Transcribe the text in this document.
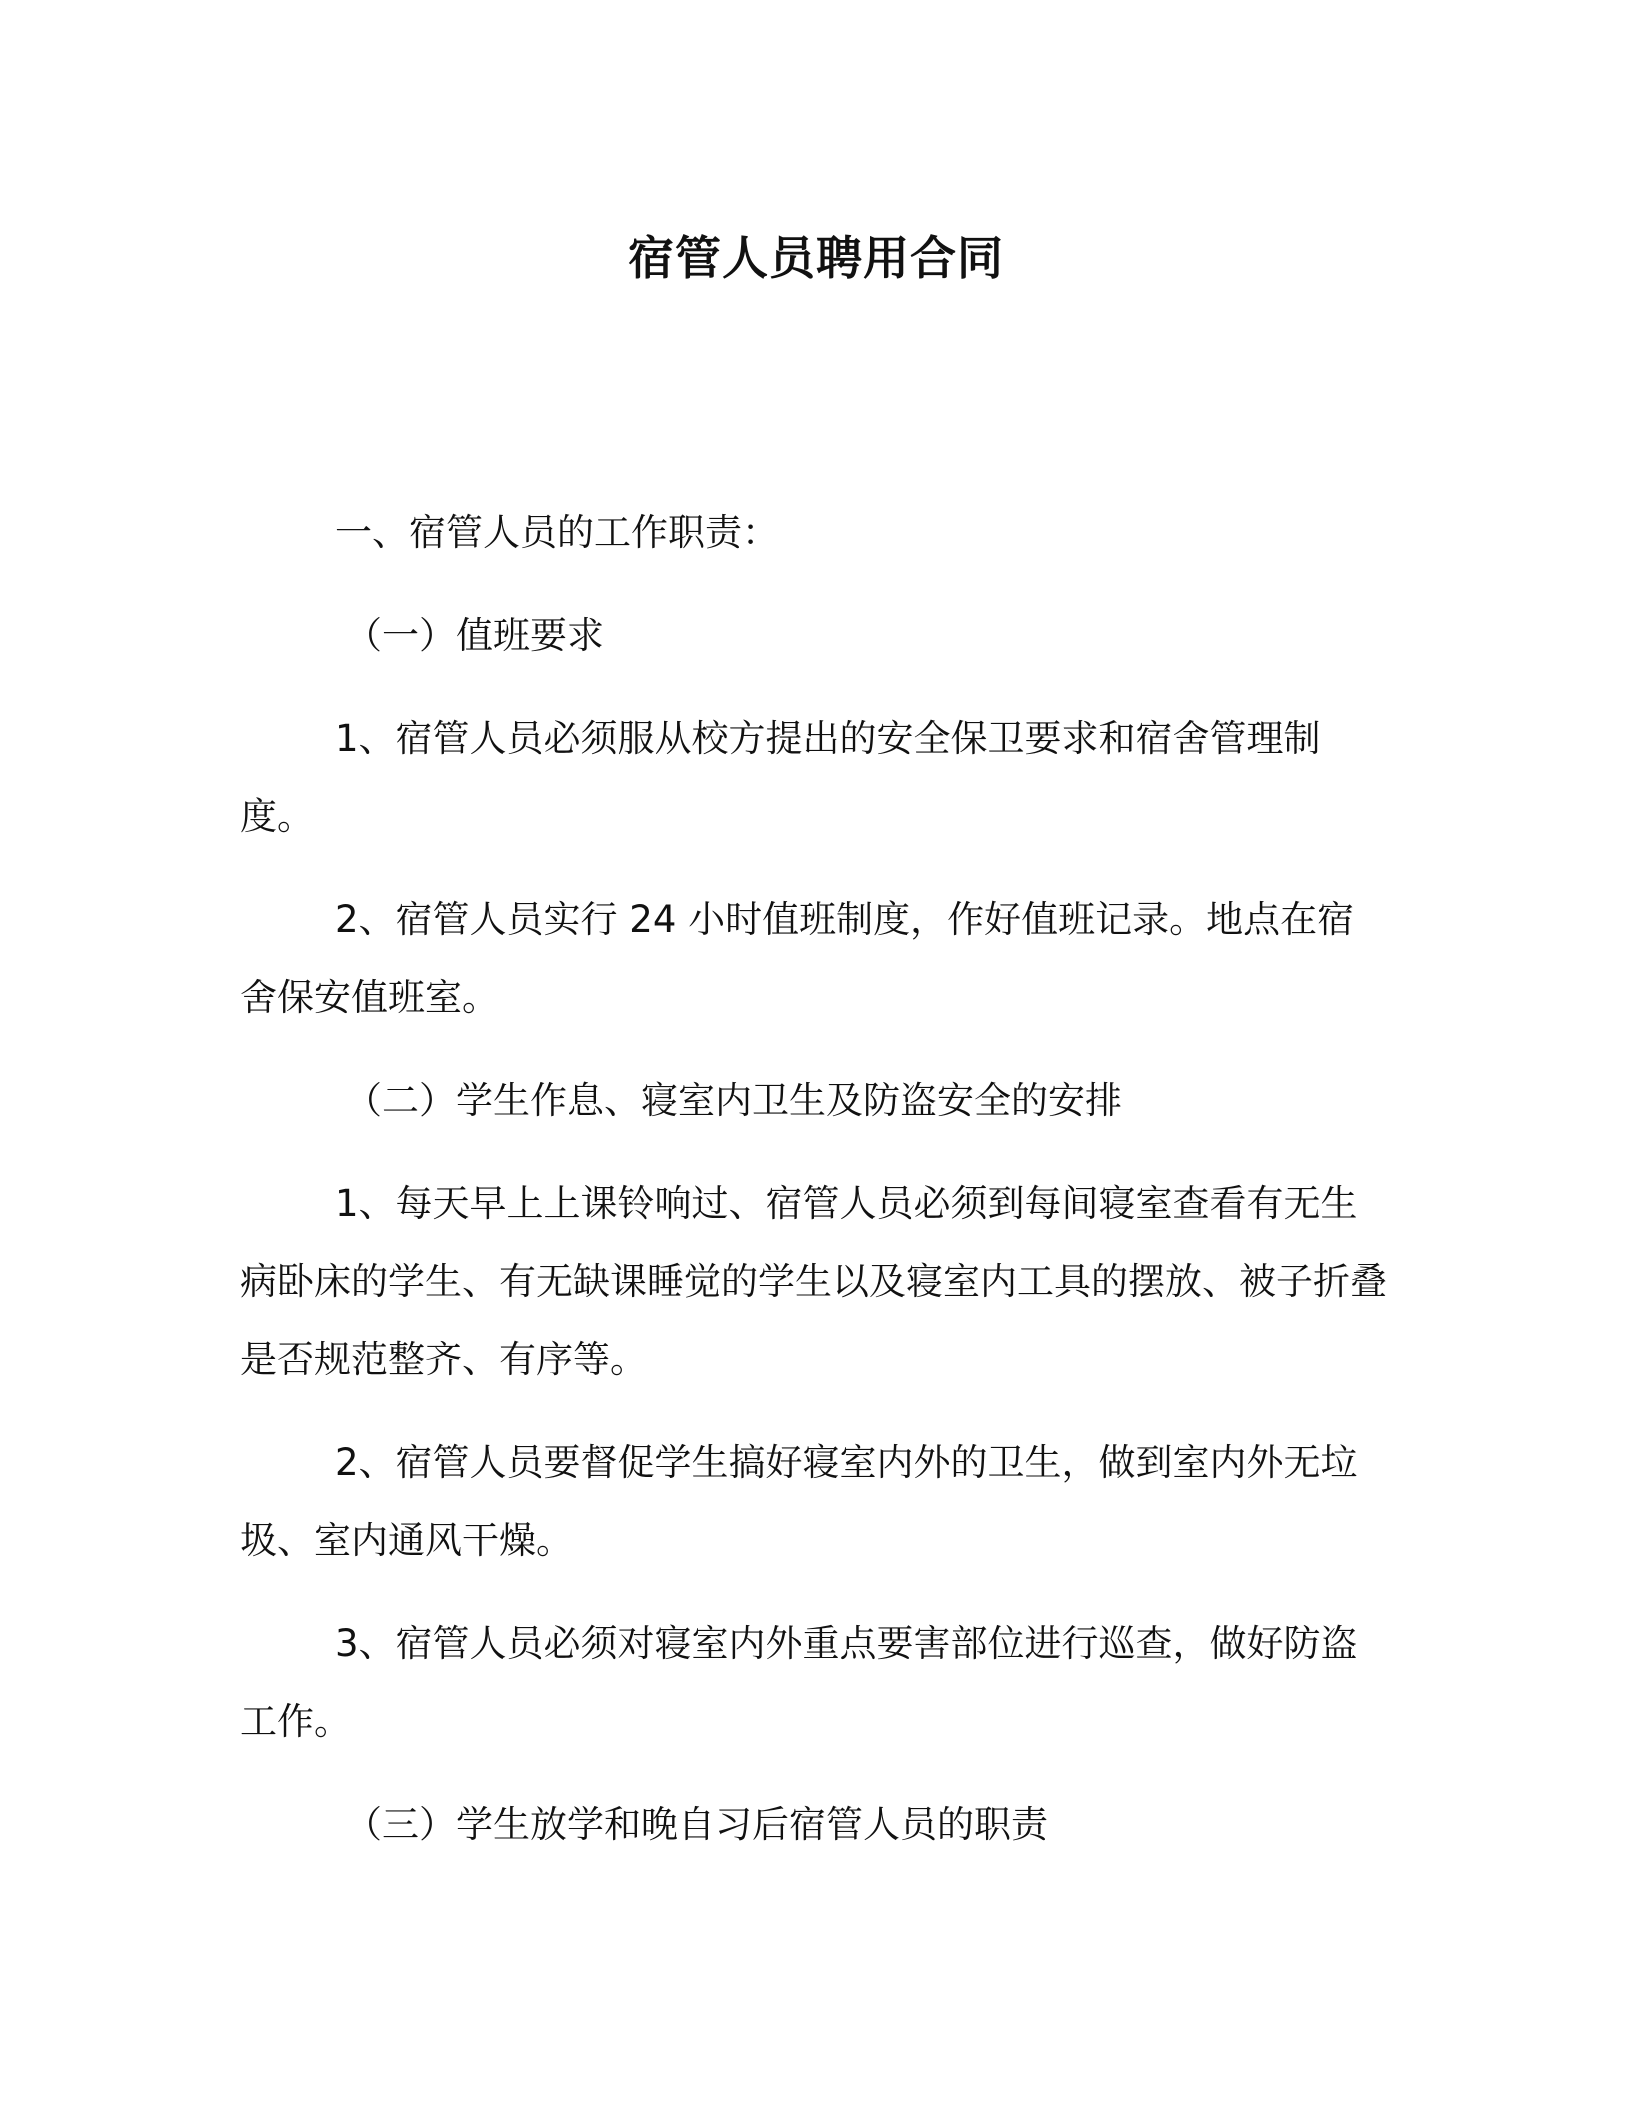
宿管人员聘用合同

一、宿管人员的工作职责：

（一）值班要求

1、宿管人员必须服从校方提出的安全保卫要求和宿舍管理制度。

2、宿管人员实行 24 小时值班制度，作好值班记录。地点在宿舍保安值班室。

（二）学生作息、寝室内卫生及防盗安全的安排

1、每天早上上课铃响过、宿管人员必须到每间寝室查看有无生病卧床的学生、有无缺课睡觉的学生以及寝室内工具的摆放、被子折叠是否规范整齐、有序等。

2、宿管人员要督促学生搞好寝室内外的卫生，做到室内外无垃圾、室内通风干燥。

3、宿管人员必须对寝室内外重点要害部位进行巡查，做好防盗工作。

（三）学生放学和晚自习后宿管人员的职责
